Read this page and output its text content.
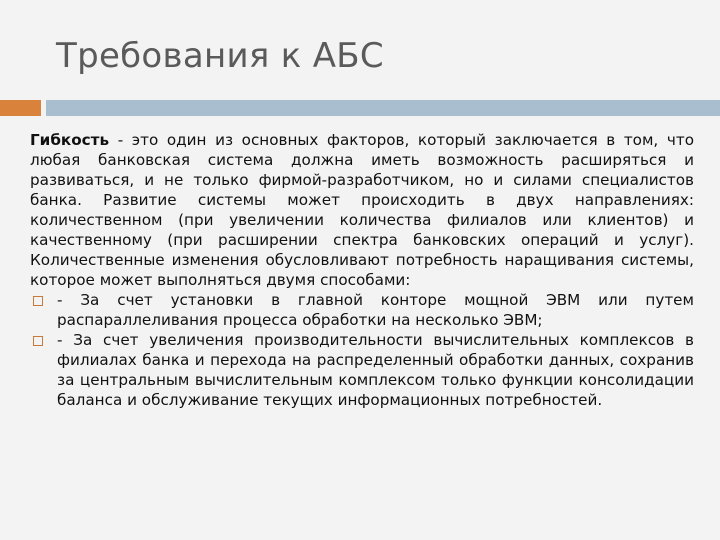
Требования к АБС

Гибкость - это один из основных факторов, который заключается в том, что любая банковская система должна иметь возможность расширяться и развиваться, и не только фирмой-разработчиком, но и силами специалистов банка. Развитие системы может происходить в двух направлениях: количественном (при увеличении количества филиалов или клиентов) и качественному (при расширении спектра банковских операций и услуг). Количественные изменения обусловливают потребность наращивания системы, которое может выполняться двумя способами:

- За счет установки в главной конторе мощной ЭВМ или путем распараллеливания процесса обработки на несколько ЭВМ;

- За счет увеличения производительности вычислительных комплексов в филиалах банка и перехода на распределенный обработки данных, сохранив за центральным вычислительным комплексом только функции консолидации баланса и обслуживание текущих информационных потребностей.
